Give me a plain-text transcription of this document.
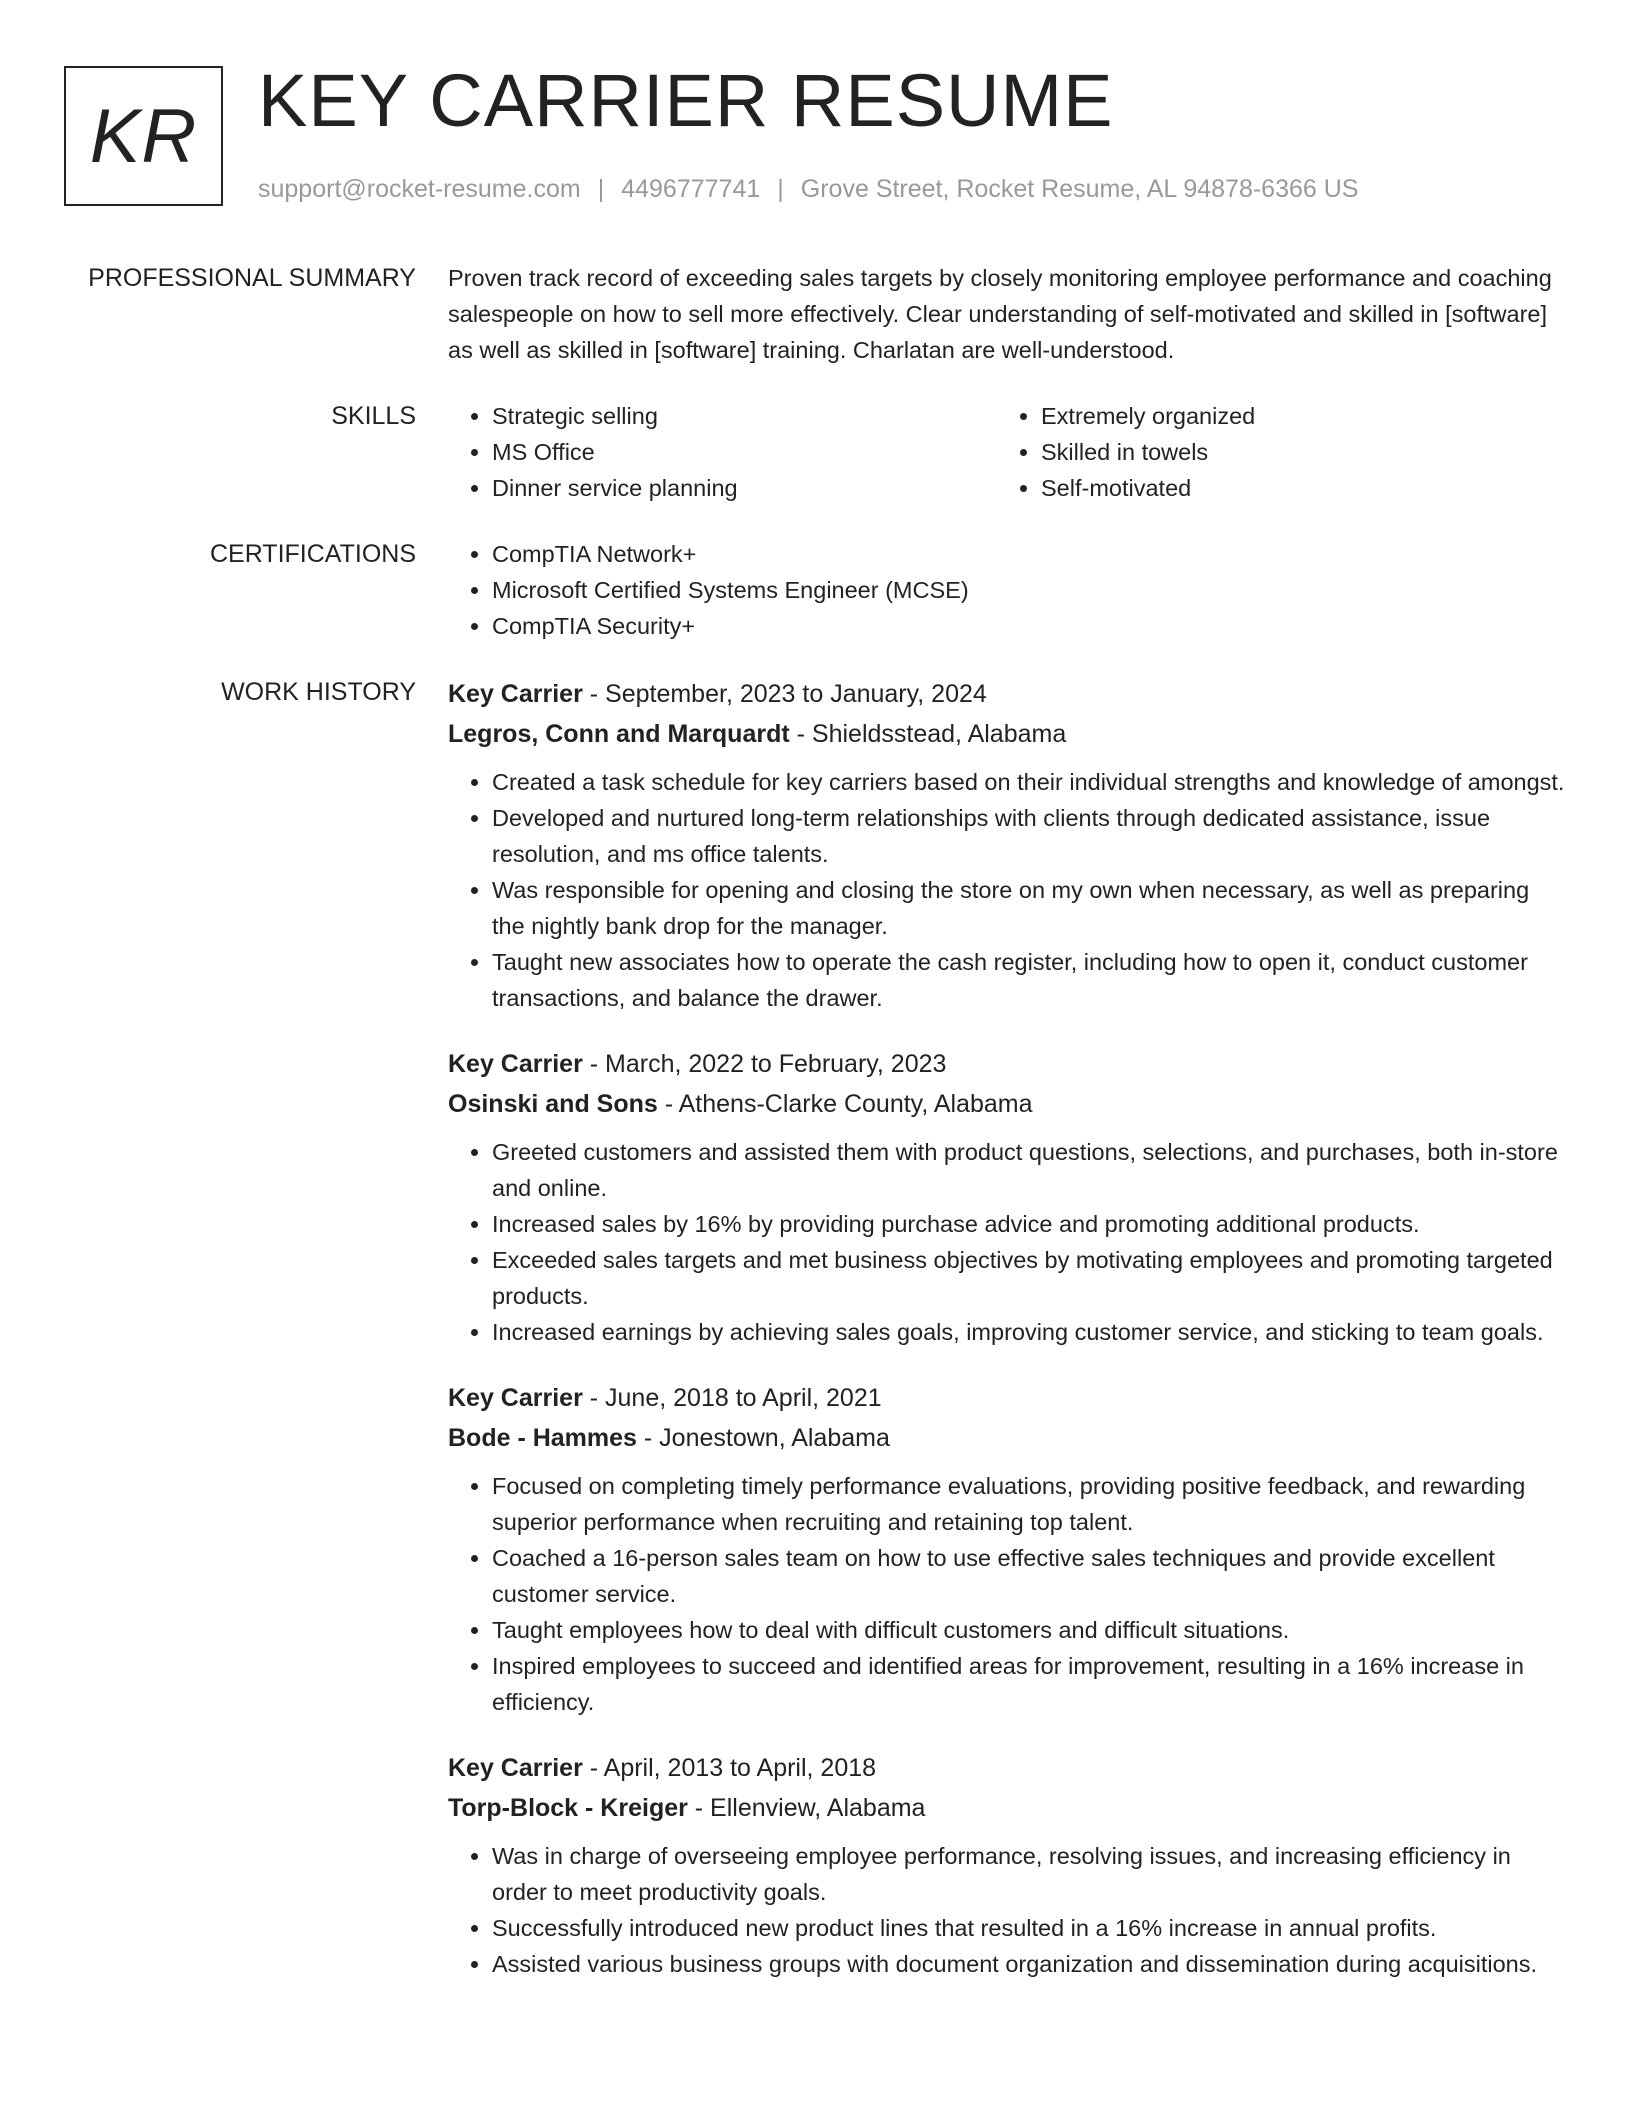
KR KEY CARRIER RESUME
support@rocket-resume.com | 4496777741 | Grove Street, Rocket Resume, AL 94878-6366 US
PROFESSIONAL SUMMARY Proven track record of exceeding sales targets by closely monitoring employee performance and coaching salespeople on how to sell more effectively. Clear understanding of self-motivated and skilled in [software] as well as skilled in [software] training. Charlatan are well-understood.

SKILLS	• Strategic selling
• MS Office
• Dinner service planning
• Extremely organized
• Skilled in towels
• Self-motivated
CERTIFICATIONS	• CompTIA Network+
• Microsoft Certified Systems Engineer (MCSE)
• CompTIA Security+
WORK HISTORY Key Carrier - September, 2023 to January, 2024
Legros, Conn and Marquardt - Shieldsstead, Alabama
• Created a task schedule for key carriers based on their individual strengths and knowledge of amongst.
• Developed and nurtured long-term relationships with clients through dedicated assistance, issue resolution, and ms office talents.
• Was responsible for opening and closing the store on my own when necessary, as well as preparing the nightly bank drop for the manager.
• Taught new associates how to operate the cash register, including how to open it, conduct customer transactions, and balance the drawer.
Key Carrier - March, 2022 to February, 2023
Osinski and Sons - Athens-Clarke County, Alabama
• Greeted customers and assisted them with product questions, selections, and purchases, both in-store and online.
• Increased sales by 16% by providing purchase advice and promoting additional products.
• Exceeded sales targets and met business objectives by motivating employees and promoting targeted products.
• Increased earnings by achieving sales goals, improving customer service, and sticking to team goals.
Key Carrier - June, 2018 to April, 2021
Bode - Hammes - Jonestown, Alabama
• Focused on completing timely performance evaluations, providing positive feedback, and rewarding superior performance when recruiting and retaining top talent.
• Coached a 16-person sales team on how to use effective sales techniques and provide excellent customer service.
• Taught employees how to deal with difficult customers and difficult situations.
• Inspired employees to succeed and identified areas for improvement, resulting in a 16% increase in efficiency.
Key Carrier - April, 2013 to April, 2018
Torp-Block - Kreiger - Ellenview, Alabama
• Was in charge of overseeing employee performance, resolving issues, and increasing efficiency in order to meet productivity goals.
• Successfully introduced new product lines that resulted in a 16% increase in annual profits.
• Assisted various business groups with document organization and dissemination during acquisitions.
